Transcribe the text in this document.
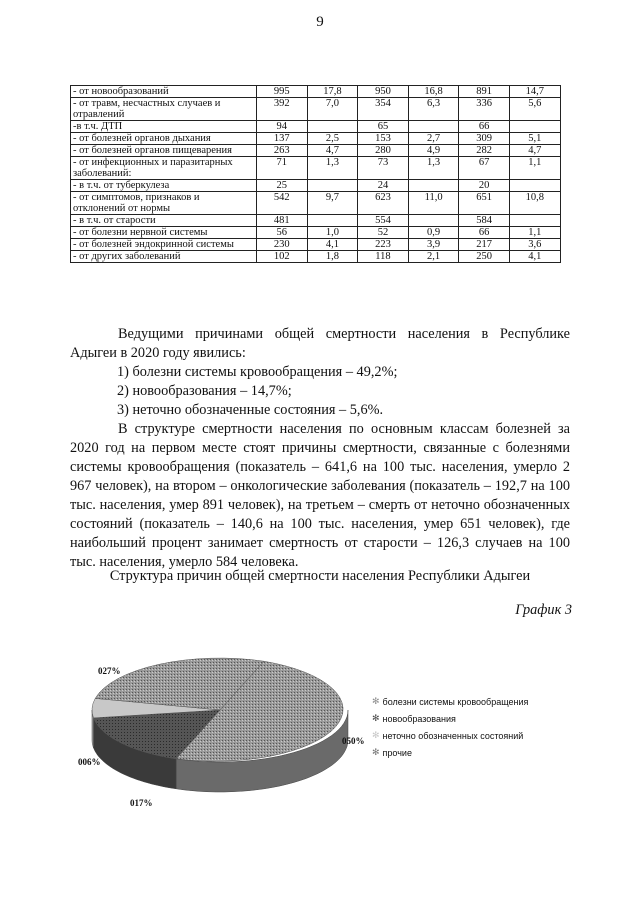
9
- от новообразований	995	17,8	950	16,8	891	14,7
- от травм, несчастных случаев и отравлений	392	7,0	354	6,3	336	5,6
-в т.ч. ДТП	94		65		66	
- от болезней органов дыхания	137	2,5	153	2,7	309	5,1
- от болезней органов пищеварения	263	4,7	280	4,9	282	4,7
- от инфекционных и паразитарных заболеваний:	71	1,3	73	1,3	67	1,1
- в т.ч. от туберкулеза	25		24		20	
- от симптомов, признаков и отклонений от нормы	542	9,7	623	11,0	651	10,8
- в т.ч. от старости	481		554		584	
- от болезни нервной системы	56	1,0	52	0,9	66	1,1
- от болезней эндокринной системы	230	4,1	223	3,9	217	3,6
- от других заболеваний	102	1,8	118	2,1	250	4,1

Ведущими причинами общей смертности населения в Республике Адыгеи в 2020 году явились:

1) болезни системы кровообращения – 49,2%;

2) новообразования – 14,7%;

3) неточно обозначенные состояния – 5,6%.

В структуре смертности населения по основным классам болезней за 2020 год на первом месте стоят причины смертности, связанные с болезнями системы кровообращения (показатель – 641,6 на 100 тыс. населения, умерло 2 967 человек), на втором – онкологические заболевания (показатель – 192,7 на 100 тыс. населения, умер 891 человек), на третьем – смерть от неточно обозначенных состояний (показатель – 140,6 на 100 тыс. населения, умер 651 человек), где наибольший процент занимает смертность от старости – 126,3 случаев на 100 тыс. населения, умерло 584 человека.

Структура причин общей смертности населения Республики Адыгеи
График 3
027%
050%
006%
017%
✻ болезни системы кровообращения
✻ новообразования
✻ неточно обозначенных состояний
✻ прочие
